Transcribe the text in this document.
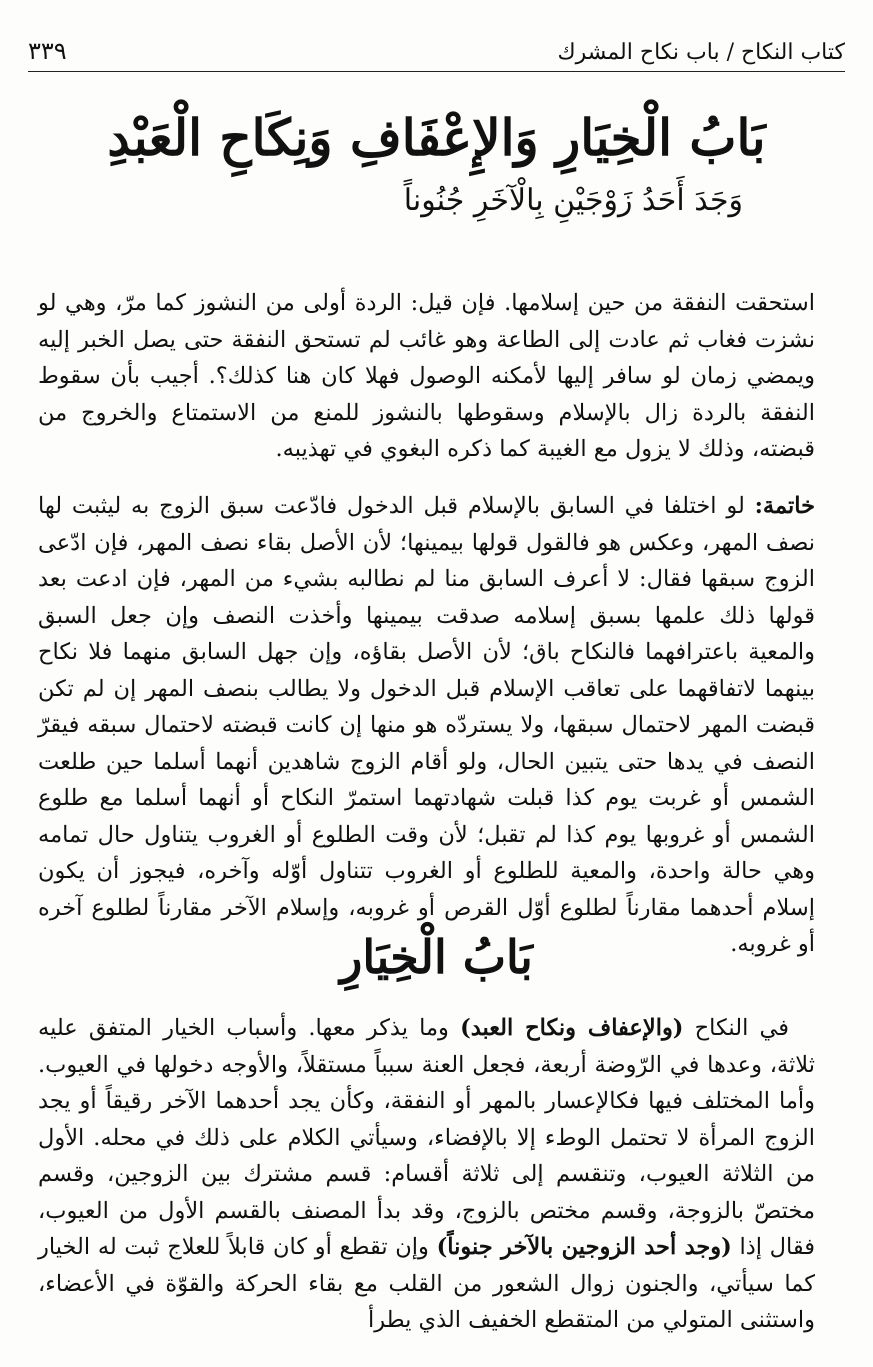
كتاب النكاح / باب نكاح المشرك
٣٣٩
بَابُ الْخِيَارِ وَالإِعْفَافِ وَنِكَاحِ الْعَبْدِ
وَجَدَ أَحَدُ زَوْجَيْنِ بِالْآخَرِ جُنُوناً

استحقت النفقة من حين إسلامها. فإن قيل: الردة أولى من النشوز كما مرّ، وهي لو نشزت فغاب ثم عادت إلى الطاعة وهو غائب لم تستحق النفقة حتى يصل الخبر إليه ويمضي زمان لو سافر إليها لأمكنه الوصول فهلا كان هنا كذلك؟. أجيب بأن سقوط النفقة بالردة زال بالإسلام وسقوطها بالنشوز للمنع من الاستمتاع والخروج من قبضته، وذلك لا يزول مع الغيبة كما ذكره البغوي في تهذيبه.

خاتمة: لو اختلفا في السابق بالإسلام قبل الدخول فادّعت سبق الزوج به ليثبت لها نصف المهر، وعكس هو فالقول قولها بيمينها؛ لأن الأصل بقاء نصف المهر، فإن ادّعى الزوج سبقها فقال: لا أعرف السابق منا لم نطالبه بشيء من المهر، فإن ادعت بعد قولها ذلك علمها بسبق إسلامه صدقت بيمينها وأخذت النصف وإن جعل السبق والمعية باعترافهما فالنكاح باق؛ لأن الأصل بقاؤه، وإن جهل السابق منهما فلا نكاح بينهما لاتفاقهما على تعاقب الإسلام قبل الدخول ولا يطالب بنصف المهر إن لم تكن قبضت المهر لاحتمال سبقها، ولا يستردّه هو منها إن كانت قبضته لاحتمال سبقه فيقرّ النصف في يدها حتى يتبين الحال، ولو أقام الزوج شاهدين أنهما أسلما حين طلعت الشمس أو غربت يوم كذا قبلت شهادتهما استمرّ النكاح أو أنهما أسلما مع طلوع الشمس أو غروبها يوم كذا لم تقبل؛ لأن وقت الطلوع أو الغروب يتناول حال تمامه وهي حالة واحدة، والمعية للطلوع أو الغروب تتناول أوّله وآخره، فيجوز أن يكون إسلام أحدهما مقارناً لطلوع أوّل القرص أو غروبه، وإسلام الآخر مقارناً لطلوع آخره أو غروبه.

بَابُ الْخِيَارِ

في النكاح (والإعفاف ونكاح العبد) وما يذكر معها. وأسباب الخيار المتفق عليه ثلاثة، وعدها في الرّوضة أربعة، فجعل العنة سبباً مستقلاً، والأوجه دخولها في العيوب. وأما المختلف فيها فكالإعسار بالمهر أو النفقة، وكأن يجد أحدهما الآخر رقيقاً أو يجد الزوج المرأة لا تحتمل الوطء إلا بالإفضاء، وسيأتي الكلام على ذلك في محله. الأول من الثلاثة العيوب، وتنقسم إلى ثلاثة أقسام: قسم مشترك بين الزوجين، وقسم مختصّ بالزوجة، وقسم مختص بالزوج، وقد بدأ المصنف بالقسم الأول من العيوب، فقال إذا (وجد أحد الزوجين بالآخر جنوناً) وإن تقطع أو كان قابلاً للعلاج ثبت له الخيار كما سيأتي، والجنون زوال الشعور من القلب مع بقاء الحركة والقوّة في الأعضاء، واستثنى المتولي من المتقطع الخفيف الذي يطرأ
